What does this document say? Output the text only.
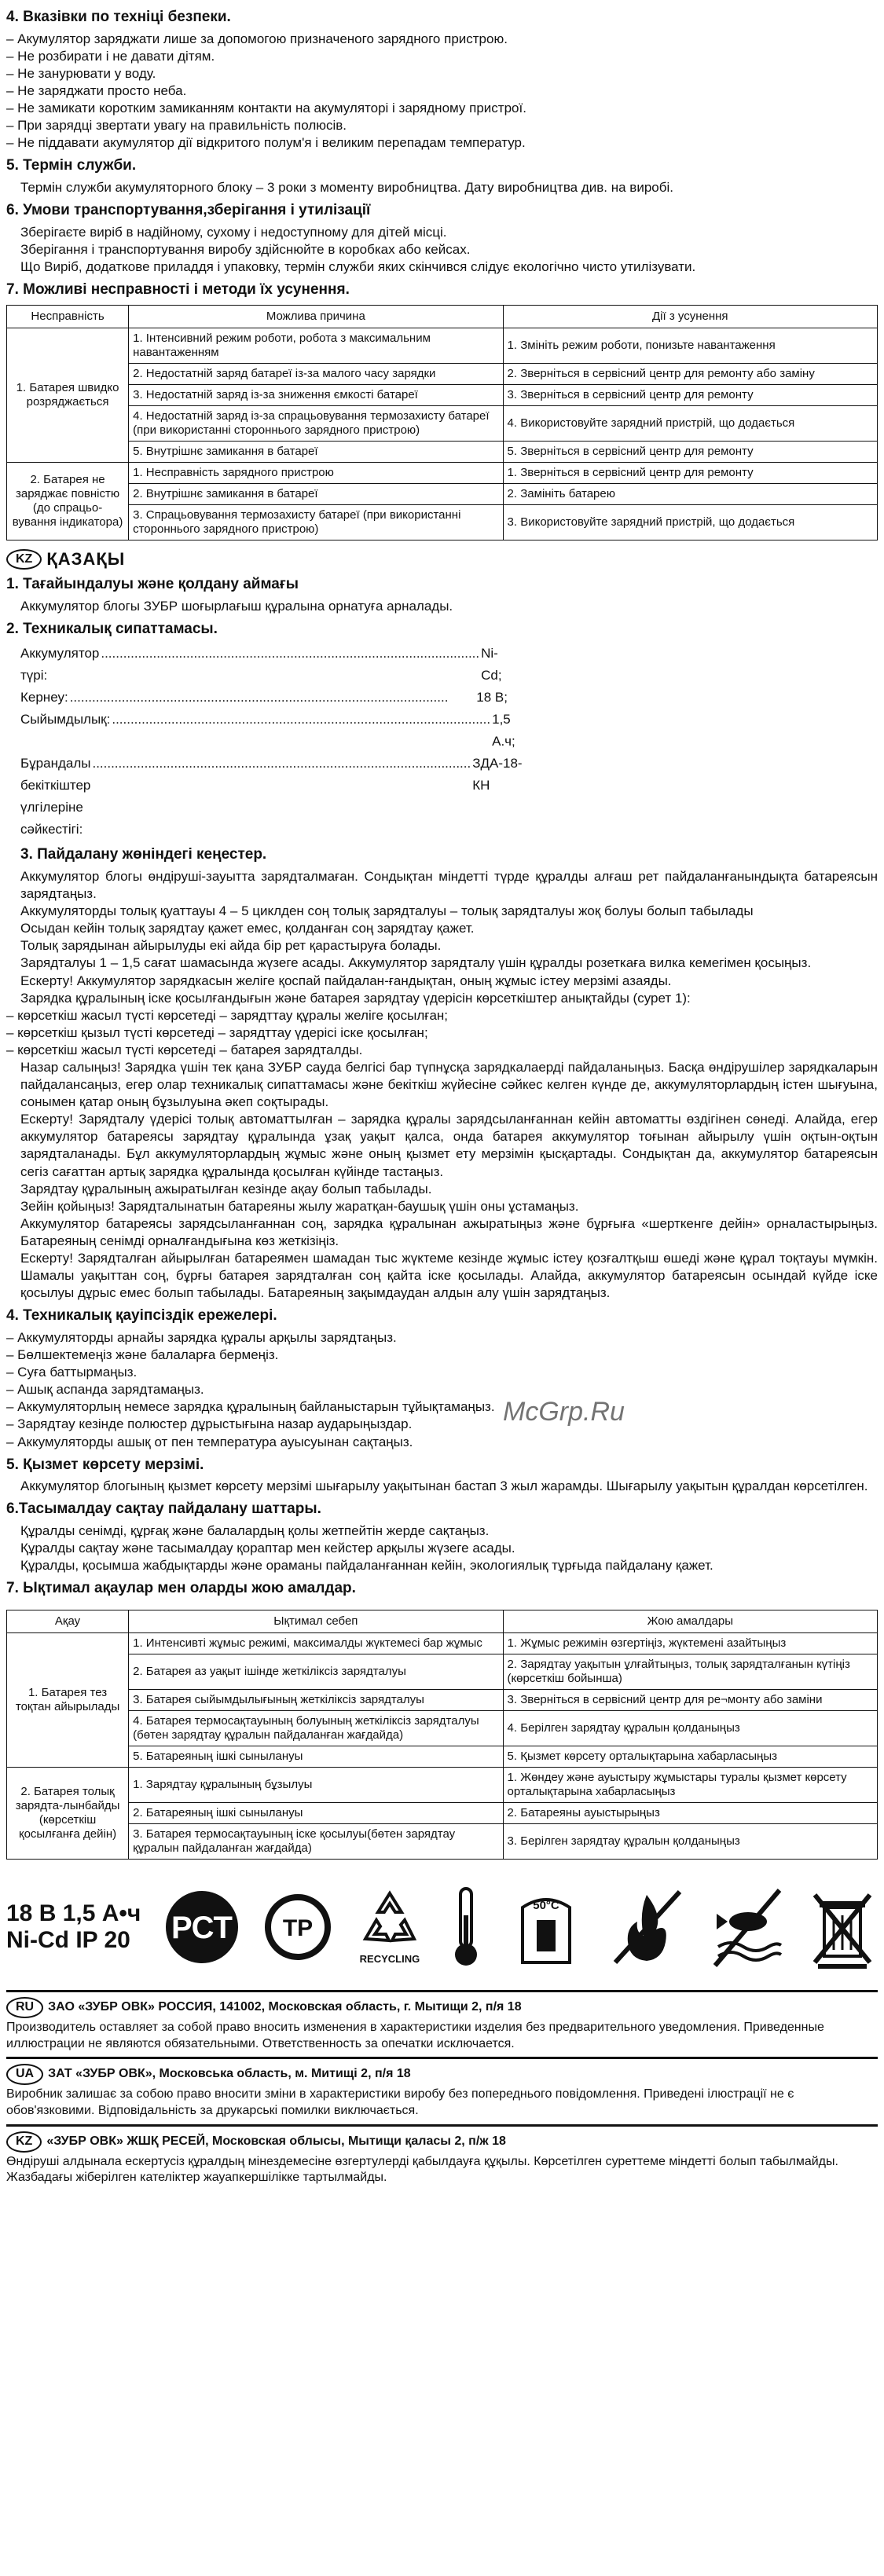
4. Вказівки по техніці безпеки.

– Акумулятор заряджати лише за допомогою призначеного зарядного пристрою.

– Не розбирати і не давати дітям.

– Не занурювати у воду.

– Не заряджати просто неба.

– Не замикати коротким замиканням контакти на акумуляторі і зарядному пристрої.

– При зарядці звертати увагу на правильність полюсів.

– Не піддавати акумулятор дії відкритого полум'я і великим перепадам температур.

5. Термін служби.

Термін служби акумуляторного блоку – 3 роки з моменту виробництва. Дату виробництва див. на виробі.

6. Умови транспортування,зберігання і утилізації

Зберігаєте виріб в надійному, сухому і недоступному для дітей місці.

Зберігання і транспортування виробу здійснюйте в коробках або кейсах.

Що Виріб, додаткове приладдя і упаковку, термін служби яких скінчився слідує екологічно чисто утилізувати.

7. Можливі несправності і методи їх усунення.
Несправність	Можлива причина	Дії з усунення
1. Батарея швидко розряджається	1. Інтенсивний режим роботи, робота з максимальним навантаженням	1. Змініть режим роботи, понизьте навантаження
	2. Недостатній заряд батареї із-за малого часу зарядки	2. Зверніться в сервісний центр для ремонту або заміну
	3. Недостатній заряд із-за зниження ємкості батареї	3. Зверніться в сервісний центр для ремонту
	4. Недостатній заряд із-за спрацьовування термозахисту батареї (при використанні стороннього зарядного пристрою)	4. Використовуйте зарядний пристрій, що додається
	5. Внутрішнє замикання в батареї	5. Зверніться в сервісний центр для ремонту
2. Батарея не заряджає повністю (до спрацьо-вування індикатора)	1. Несправність зарядного пристрою	1. Зверніться в сервісний центр для ремонту
	2. Внутрішнє замикання в батареї	2. Замініть батарею
	3. Спрацьовування термозахисту батареї (при використанні стороннього зарядного пристрою)	3. Використовуйте зарядний пристрій, що додається
KZ ҚАЗАҚЫ
1. Тағайындалуы және қолдану аймағы

Аккумулятор блогы ЗУБР шоғырлағыш құралына орнатуға арналады.

2. Техникалық сипаттамасы.
Аккумулятор түрі:
...................................................................................................... Ni-Cd;
Кернеу: ......................................................................................................	18 В;
Сыйымдылық: ...................................................................................................... 1,5 А.ч;
Бұрандалы бекіткіштер үлгілеріне сәйкестігі:
...................................................................................................... ЗДА-18-КН
3. Пайдалану жөніндегі кеңестер.

Аккумулятор блогы өндіруші-зауытта зарядталмаған. Сондықтан міндетті түрде құралды алғаш рет пайдаланғанындықта батареясын зарядтаңыз.

Аккумуляторды толық қуаттауы 4 – 5 циклден соң толық зарядталуы – толық зарядталуы жоқ болуы болып табылады

Осыдан кейін толық зарядтау қажет емес, қолданған соң зарядтау қажет.

Толық зарядынан айырылуды екі айда бір рет қарастыруға болады.

Зарядталуы 1 – 1,5 сағат шамасында жүзеге асады. Аккумулятор зарядталу үшін құралды розеткаға вилка кемегімен қосыңыз.

Ескерту! Аккумулятор зарядкасын желіге қоспай пайдалан-ғандықтан, оның жұмыс істеу мерзімі азаяды.

Зарядка құралының іске қосылғандығын және батарея зарядтау үдерісін көрсеткіштер анықтайды (сурет 1):

– көрсеткіш жасыл түсті көрсетеді – зарядттау құралы желіге қосылған;

– көрсеткіш қызыл түсті көрсетеді – зарядттау үдерісі іске қосылған;

– көрсеткіш жасыл түсті көрсетеді – батарея зарядталды.

Назар салыңыз! Зарядка үшін тек қана ЗУБР сауда белгісі бар түпнұсқа зарядкалаерді пайдаланыңыз. Басқа өндірушілер зарядкаларын пайдалансаңыз, егер олар техникалық сипаттамасы және бекіткіш жүйесіне сәйкес келген күнде де, аккумуляторлардың істен шығуына, сонымен қатар оның бұзылуына әкеп соқтырады.

Ескерту! Зарядталу үдерісі толық автоматтылған – зарядка құралы зарядсыланғаннан кейін автоматты өздігінен сөнеді. Алайда, егер аккумулятор батареясы зарядтау құралында ұзақ уақыт қалса, онда батарея аккумулятор тоғынан айырылу үшін оқтын-оқтын зарядталанады. Бұл аккумуляторлардың жұмыс және оның қызмет ету мерзімін қысқартады. Сондықтан да, аккумулятор батареясын сегіз сағаттан артық зарядка құралында қосылған күйінде тастаңыз.

Зарядтау құралының ажыратылған кезінде ақау болып табылады.

Зейін қойыңыз! Зарядталынатын батареяны жылу жаратқан-баушық үшін оны ұстамаңыз.

Аккумулятор батареясы зарядсыланғаннан соң, зарядка құралынан ажыратыңыз және бұрғыға «шерткенге дейін» орналастырыңыз. Батареяның сенімді орналғандығына көз жеткізіңіз.

Ескерту! Зарядталған айырылған батареямен шамадан тыс жүктеме кезінде жұмыс істеу қозғалтқыш өшеді және құрал тоқтауы мүмкін. Шамалы уақыттан соң, бұрғы батарея зарядталған соң қайта іске қосылады. Алайда, аккумулятор батареясын осындай күйде іске қосылуы дұрыс емес болып табылады. Батареяның зақымдаудан алдын алу үшін зарядтаңыз.

4. Техникалық қауіпсіздік ережелері.

– Аккумуляторды арнайы зарядка құралы арқылы зарядтаңыз.

– Бөлшектемеңіз және балаларға бермеңіз.

– Суға баттырмаңыз.

– Ашық аспанда зарядтамаңыз.

– Аккумуляторлың немесе зарядка құралының байланыстарын тұйықтамаңыз.

– Зарядтау кезінде полюстер дұрыстығына назар аударыңыздар.

– Аккумуляторды ашық от пен температура ауысуынан сақтаңыз.

5. Қызмет көрсету мерзімі.

Аккумулятор блогының қызмет көрсету мерзімі шығарылу уақытынан бастап 3 жыл жарамды. Шығарылу уақытын құралдан көрсетілген.

6.Тасымалдау сақтау пайдалану шаттары.

Құралды сенімді, құрғақ және балалардың қолы жетпейтін жерде сақтаңыз.

Құралды сақтау және тасымалдау қораптар мен кейстер арқылы жүзеге асады.

Құралды, қосымша жабдықтарды және ораманы пайдаланғаннан кейін, экологиялық тұрғыда пайдалану қажет.

7. Ықтимал ақаулар мен оларды жою амалдар.
Ақау	Ықтимал себеп	Жою амалдары
1. Батарея тез тоқтан айырылады	1. Интенсивті жұмыс режимі, максималды жүктемесі бар жұмыс	1. Жұмыс режимін өзгертіңіз, жүктемені азайтыңыз
	2. Батарея аз уақыт ішінде жеткіліксіз зарядталуы	2. Зарядтау уақытын ұлғайтыңыз, толық зарядталғанын күтіңіз (көрсеткіш бойынша)
	3. Батарея сыйымдылығының жеткіліксіз зарядталуы	3. Зверніться в сервісний центр для ре¬монту або заміни
	4. Батарея термосақтауының болуының жеткіліксіз зарядталуы (бөтен зарядтау құралын пайдаланған жағдайда)	4. Берілген зарядтау құралын қолданыңыз
	5. Батареяның ішкі сынылануы	5. Қызмет көрсету орталықтарына хабарласыңыз
2. Батарея толық зарядта-лынбайды (көрсеткіш қосылғанға дейін)	1. Зарядтау құралының бұзылуы	1. Жөндеу және ауыстыру жұмыстары туралы қызмет көрсету орталықтарына хабарласыңыз
	2. Батареяның ішкі сынылануы	2. Батареяны ауыстырыңыз
	3. Батарея термосақтауының іске қосылуы(бөтен зарядтау құралын пайдаланған жағдайда)	3. Берілген зарядтау құралын қолданыңыз
18 В 1,5 А•ч
Ni-Cd IP 20	РСТ ТР
RECYCLING
50°C
RU	ЗАО «ЗУБР ОВК» РОССИЯ, 141002, Московская область, г. Мытищи 2, п/я 18

Производитель оставляет за собой право вносить изменения в характеристики изделия без предварительного уведомления. Приведенные иллюстрации не являются обязательными. Ответственность за опечатки исключается.

UA	ЗАТ «ЗУБР ОВК», Московська область, м. Митищі 2, п/я 18

Виробник залишає за собою право вносити зміни в характеристики виробу без попереднього повідомлення. Приведені ілюстрації не є обов'язковими. Відповідальність за друкарські помилки виключається.

KZ	«ЗУБР ОВК» ЖШҚ РЕСЕЙ, Московская облысы, Мытищи қаласы 2, п/ж 18

Өндіруші алдынала ескертусіз құралдың мінездемесіне өзгертулерді қабылдауға құқылы. Көрсетілген суреттеме міндетті болып табылмайды. Жазбадағы жіберілген кателіктер жауапкершілікке тартылмайды.

McGrp.Ru
